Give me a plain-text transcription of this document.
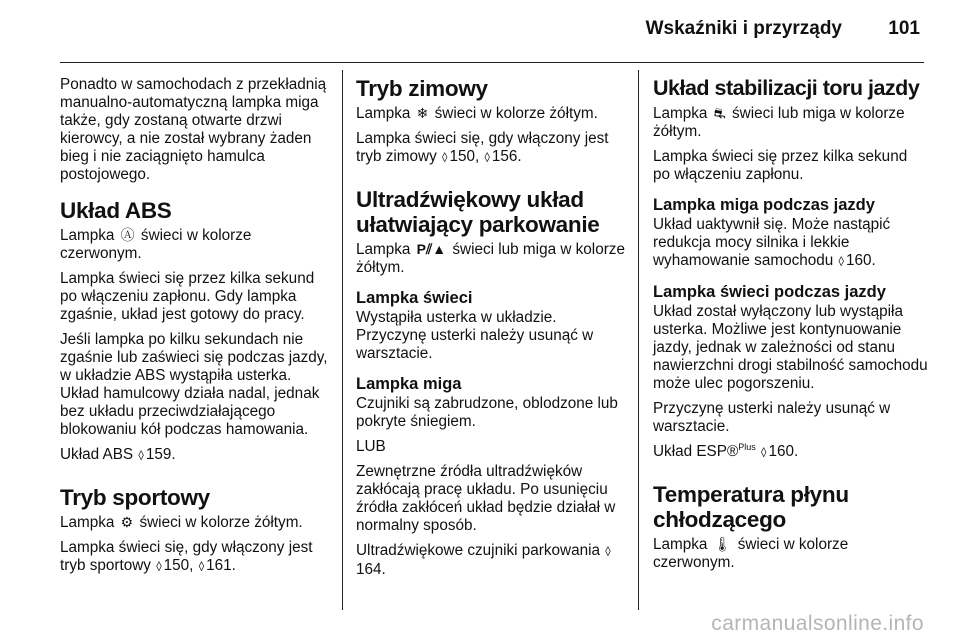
Wskaźniki i przyrządy 101

Ponadto w samochodach z przekładnią manualno-automatyczną lampka miga także, gdy zostaną otwarte drzwi kierowcy, a nie został wybrany żaden bieg i nie zaciągnięto hamulca postojowego.

Układ ABS

Lampka Ⓐ świeci w kolorze czerwonym.

Lampka świeci się przez kilka sekund po włączeniu zapłonu. Gdy lampka zgaśnie, układ jest gotowy do pracy.

Jeśli lampka po kilku sekundach nie zgaśnie lub zaświeci się podczas jazdy, w układzie ABS wystąpiła usterka. Układ hamulcowy działa nadal, jednak bez układu przeciwdziałającego blokowaniu kół podczas hamowania.

Układ ABS ◊ 159.

Tryb sportowy

Lampka ⚙ świeci w kolorze żółtym.

Lampka świeci się, gdy włączony jest tryb sportowy ◊ 150, ◊ 161.

Tryb zimowy

Lampka ❄ świeci w kolorze żółtym.

Lampka świeci się, gdy włączony jest tryb zimowy ◊ 150, ◊ 156.

Ultradźwiękowy układ ułatwiający parkowanie

Lampka P⫽▲ świeci lub miga w kolorze żółtym.

Lampka świeci

Wystąpiła usterka w układzie. Przyczynę usterki należy usunąć w warsztacie.

Lampka miga

Czujniki są zabrudzone, oblodzone lub pokryte śniegiem.

LUB

Zewnętrzne źródła ultradźwięków zakłócają pracę układu. Po usunięciu źródła zakłóceń układ będzie działał w normalny sposób.

Ultradźwiękowe czujniki parkowania ◊164.

Układ stabilizacji toru jazdy

Lampka ⛐ świeci lub miga w kolorze żółtym.

Lampka świeci się przez kilka sekund po włączeniu zapłonu.

Lampka miga podczas jazdy

Układ uaktywnił się. Może nastąpić redukcja mocy silnika i lekkie wyhamowanie samochodu ◊ 160.

Lampka świeci podczas jazdy

Układ został wyłączony lub wystąpiła usterka. Możliwe jest kontynuowanie jazdy, jednak w zależności od stanu nawierzchni drogi stabilność samochodu może ulec pogorszeniu.

Przyczynę usterki należy usunąć w warsztacie.

Układ ESP®$^{Plus}$ ◊ 160.

Temperatura płynu chłodzącego

Lampka 🌡 świeci w kolorze czerwonym.

carmanualsonline.info
